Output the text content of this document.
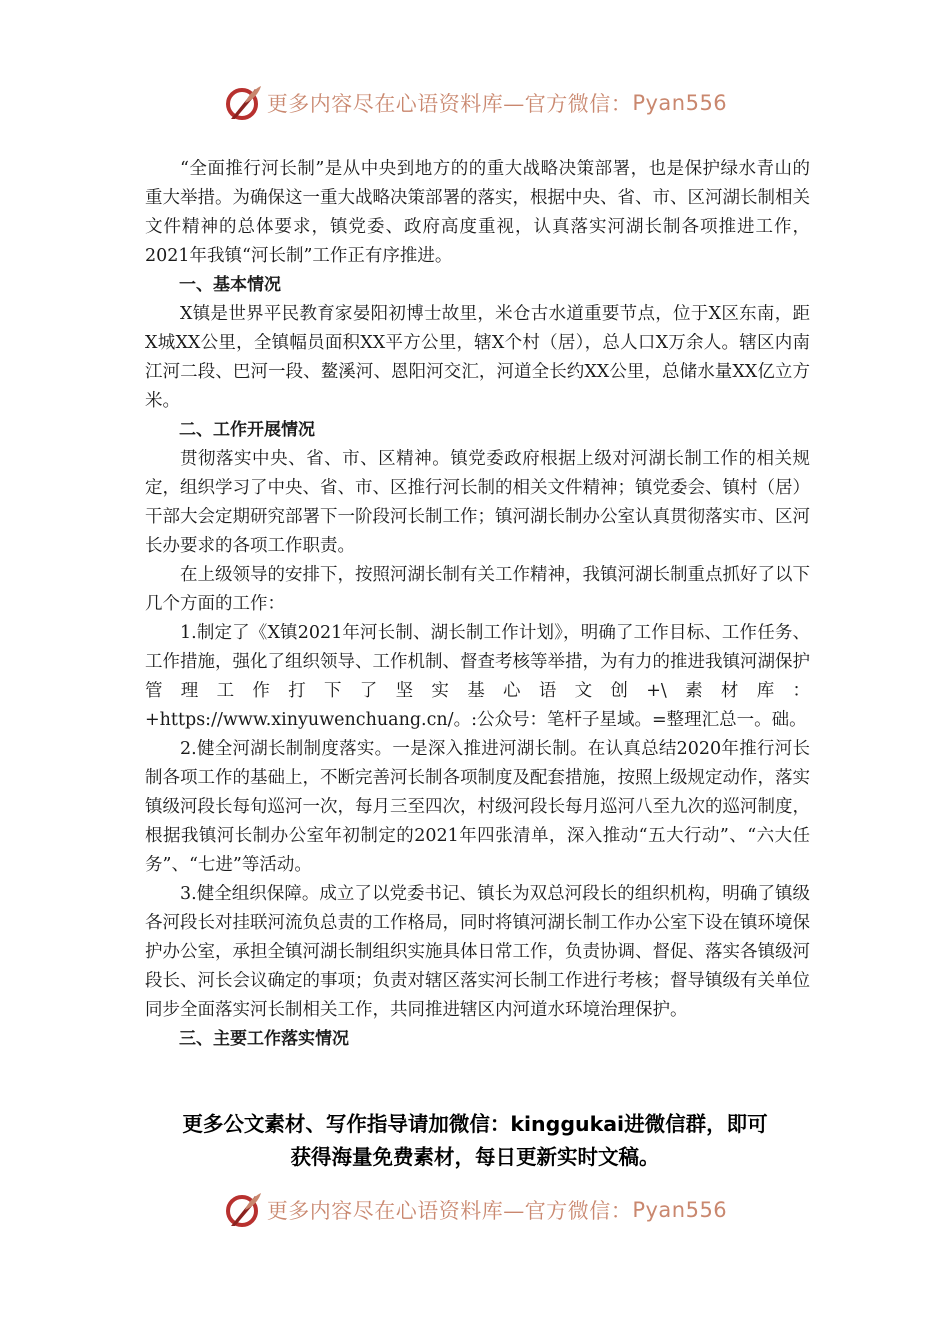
更多内容尽在心语资料库—官方微信： Pyan556

“全面推行河长制”是从中央到地方的的重大战略决策部署，也是保护绿水青山的重大举措。为确保这一重大战略决策部署的落实，根据中央、省、市、区河湖长制相关文件精神的总体要求，镇党委、政府高度重视，认真落实河湖长制各项推进工作，2021年我镇“河长制”工作正有序推进。

一、基本情况

X镇是世界平民教育家晏阳初博士故里，米仓古水道重要节点，位于X区东南，距X城XX公里，全镇幅员面积XX平方公里，辖X个村（居），总人口X万余人。辖区内南江河二段、巴河一段、鳌溪河、恩阳河交汇，河道全长约XX公里，总储水量XX亿立方米。

二、工作开展情况

贯彻落实中央、省、市、区精神。镇党委政府根据上级对河湖长制工作的相关规定，组织学习了中央、省、市、区推行河长制的相关文件精神；镇党委会、镇村（居）干部大会定期研究部署下一阶段河长制工作；镇河湖长制办公室认真贯彻落实市、区河长办要求的各项工作职责。

在上级领导的安排下，按照河湖长制有关工作精神，我镇河湖长制重点抓好了以下几个方面的工作：

1.制定了《X镇2021年河长制、湖长制工作计划》，明确了工作目标、工作任务、工作措施，强化了组织领导、工作机制、督查考核等举措，为有力的推进我镇河湖保护管理工作打下了坚实基心语文创+\素材库：+https://www.xinyuwenchuang.cn/。:公众号：笔杆子星域。=整理汇总一。础。

2.健全河湖长制制度落实。一是深入推进河湖长制。在认真总结2020年推行河长制各项工作的基础上，不断完善河长制各项制度及配套措施，按照上级规定动作，落实镇级河段长每旬巡河一次，每月三至四次，村级河段长每月巡河八至九次的巡河制度，根据我镇河长制办公室年初制定的2021年四张清单，深入推动“五大行动”、“六大任务”、“七进”等活动。

3.健全组织保障。成立了以党委书记、镇长为双总河段长的组织机构，明确了镇级各河段长对挂联河流负总责的工作格局，同时将镇河湖长制工作办公室下设在镇环境保护办公室，承担全镇河湖长制组织实施具体日常工作，负责协调、督促、落实各镇级河段长、河长会议确定的事项；负责对辖区落实河长制工作进行考核；督导镇级有关单位同步全面落实河长制相关工作，共同推进辖区内河道水环境治理保护。

三、主要工作落实情况

更多公文素材、写作指导请加微信：kinggukai进微信群，即可
获得海量免费素材，每日更新实时文稿。
更多内容尽在心语资料库—官方微信： Pyan556
